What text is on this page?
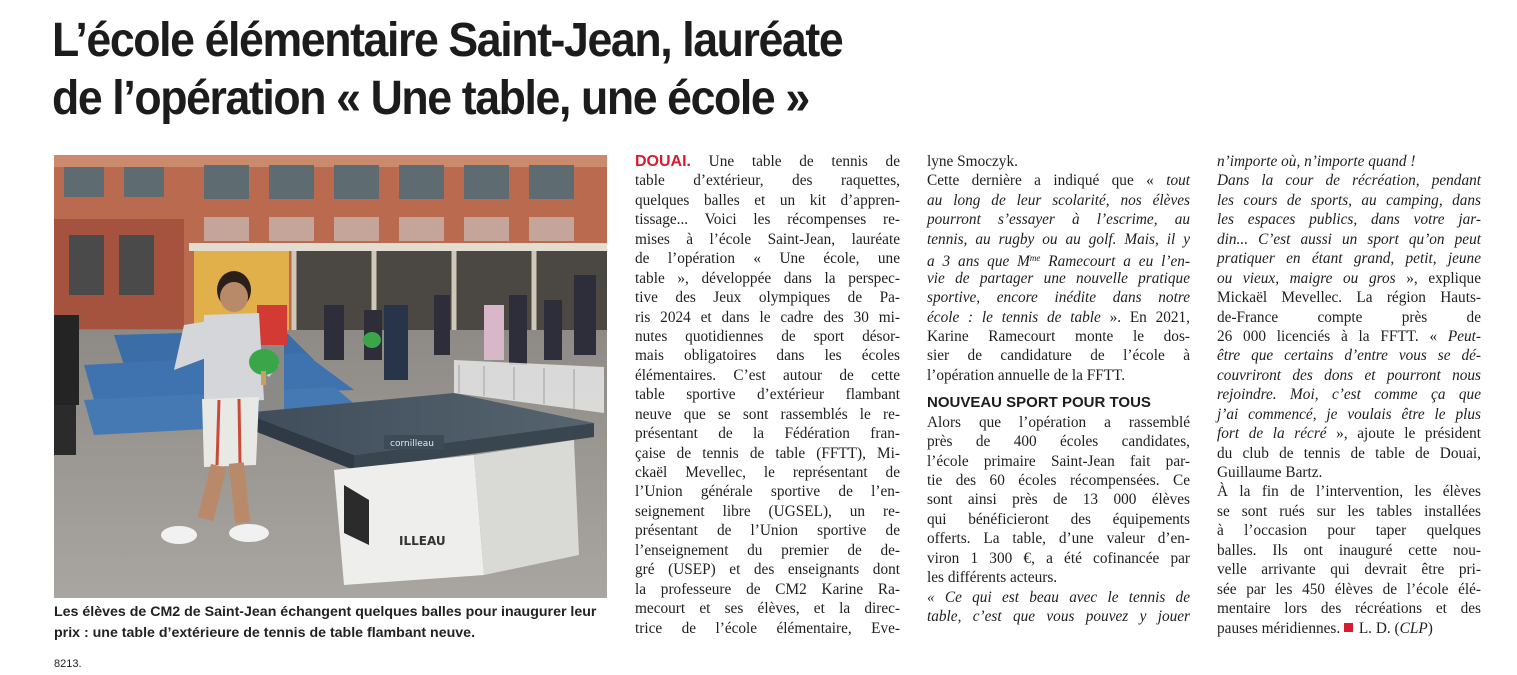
L’école élémentaire Saint-Jean, lauréate
de l’opération « Une table, une école »
cornilleau
ILLEAU

Les élèves de CM2 de Saint-Jean échangent quelques balles pour inaugurer leur
prix : une table d’extérieure de tennis de table flambant neuve.

8213.
DOUAI. Une table de tennis de
table d’extérieur, des raquettes,
quelques balles et un kit d’appren-
tissage... Voici les récompenses re-
mises à l’école Saint-Jean, lauréate
de l’opération « Une école, une
table », développée dans la perspec-
tive des Jeux olympiques de Pa-
ris 2024 et dans le cadre des 30 mi-
nutes quotidiennes de sport désor-
mais obligatoires dans les écoles
élémentaires. C’est autour de cette
table sportive d’extérieur flambant
neuve que se sont rassemblés le re-
présentant de la Fédération fran-
çaise de tennis de table (FFTT), Mi-
ckaël Mevellec, le représentant de
l’Union générale sportive de l’en-
seignement libre (UGSEL), un re-
présentant de l’Union sportive de
l’enseignement du premier de de-
gré (USEP) et des enseignants dont
la professeure de CM2 Karine Ra-
mecourt et ses élèves, et la direc-
trice de l’école élémentaire, Eve-
lyne Smoczyk.
Cette dernière a indiqué que « tout
au long de leur scolarité, nos élèves
pourront s’essayer à l’escrime, au
tennis, au rugby ou au golf. Mais, il y
a 3 ans que $M^{me}$ Ramecourt a eu l’en-
vie de partager une nouvelle pratique
sportive, encore inédite dans notre
école : le tennis de table ». En 2021,
Karine Ramecourt monte le dos-
sier de candidature de l’école à
l’opération annuelle de la FFTT.
NOUVEAU SPORT POUR TOUS
Alors que l’opération a rassemblé
près de 400 écoles candidates,
l’école primaire Saint-Jean fait par-
tie des 60 écoles récompensées. Ce
sont ainsi près de 13 000 élèves
qui bénéficieront des équipements
offerts. La table, d’une valeur d’en-
viron 1 300 €, a été cofinancée par
les différents acteurs.
« Ce qui est beau avec le tennis de
table, c’est que vous pouvez y jouer
n’importe où, n’importe quand !
Dans la cour de récréation, pendant
les cours de sports, au camping, dans
les espaces publics, dans votre jar-
din... C’est aussi un sport qu’on peut
pratiquer en étant grand, petit, jeune
ou vieux, maigre ou gros », explique
Mickaël Mevellec. La région Hauts-
de-France compte près de
26 000 licenciés à la FFTT. « Peut-
être que certains d’entre vous se dé-
couvriront des dons et pourront nous
rejoindre. Moi, c’est comme ça que
j’ai commencé, je voulais être le plus
fort de la récré », ajoute le président
du club de tennis de table de Douai,
Guillaume Bartz.
À la fin de l’intervention, les élèves
se sont rués sur les tables installées
à l’occasion pour taper quelques
balles. Ils ont inauguré cette nou-
velle arrivante qui devrait être pri-
sée par les 450 élèves de l’école élé-
mentaire lors des récréations et des
pauses méridiennes.  L. D. (CLP)
